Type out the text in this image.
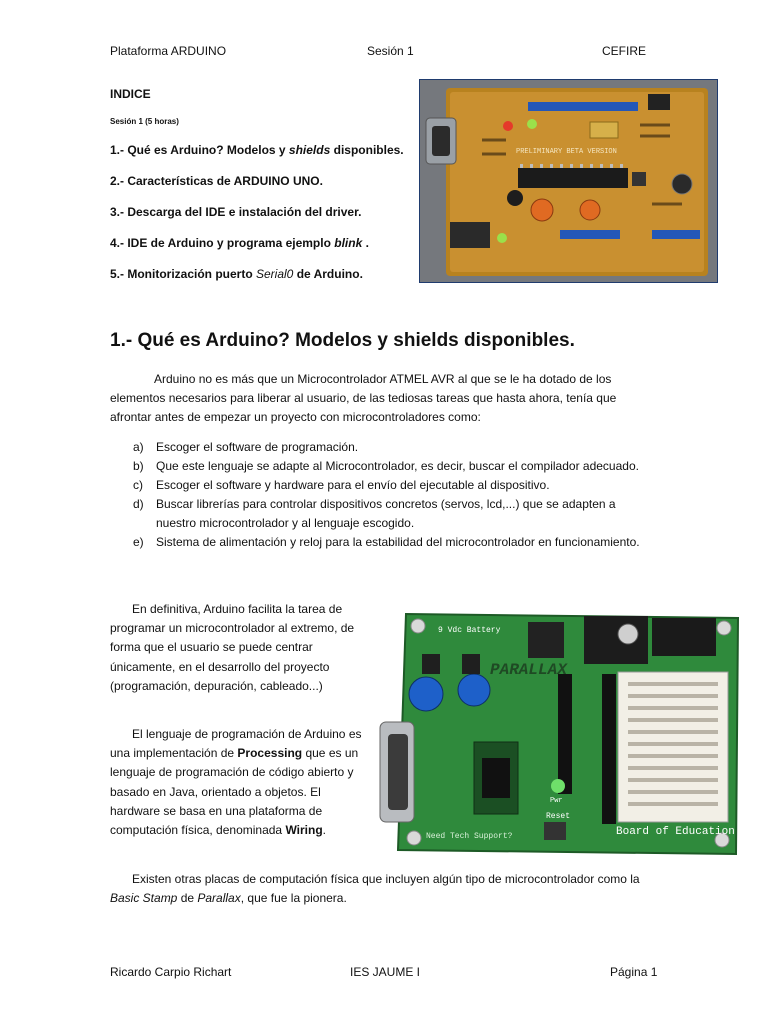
Plataforma ARDUINO	Sesión 1	CEFIRE
INDICE
Sesión 1 (5 horas)
1.- Qué es Arduino? Modelos y shields disponibles.
2.- Características de ARDUINO UNO.
3.- Descarga del IDE e instalación del driver.
4.- IDE de Arduino y programa ejemplo blink .
5.- Monitorización puerto Serial0 de Arduino.
PRELIMINARY BETA VERSION
1.- Qué es Arduino? Modelos y shields disponibles.
Arduino no es más que un Microcontrolador ATMEL AVR al que se le ha dotado de los elementos necesarios para liberar al usuario, de las tediosas tareas que hasta ahora, tenía que afrontar antes de empezar un proyecto con microcontroladores como:
a) Escoger el software de programación.
b) Que este lenguaje se adapte al Microcontrolador, es decir, buscar el compilador adecuado.
c) Escoger el software y hardware para el envío del ejecutable al dispositivo.
d) Buscar librerías para controlar dispositivos concretos (servos, lcd,...) que se adapten a nuestro microcontrolador y al lenguaje escogido.
e) Sistema de alimentación y reloj para la estabilidad del microcontrolador en funcionamiento.

En definitiva, Arduino facilita la tarea de programar un microcontrolador al extremo, de forma que el usuario se puede centrar únicamente, en el desarrollo del proyecto (programación, depuración, cableado...)

El lenguaje de programación de Arduino es una implementación de Processing que es un lenguaje de programación de código abierto y basado en Java, orientado a objetos. El hardware se basa en una plataforma de computación física, denominada Wiring.

PARALLAX
Board of Education
Need Tech Support?
Reset
Pwr
9 Vdc Battery
Existen otras placas de computación física que incluyen algún tipo de microcontrolador como la Basic Stamp de Parallax, que fue la pionera.
Ricardo Carpio Richart	IES JAUME I	Página 1
